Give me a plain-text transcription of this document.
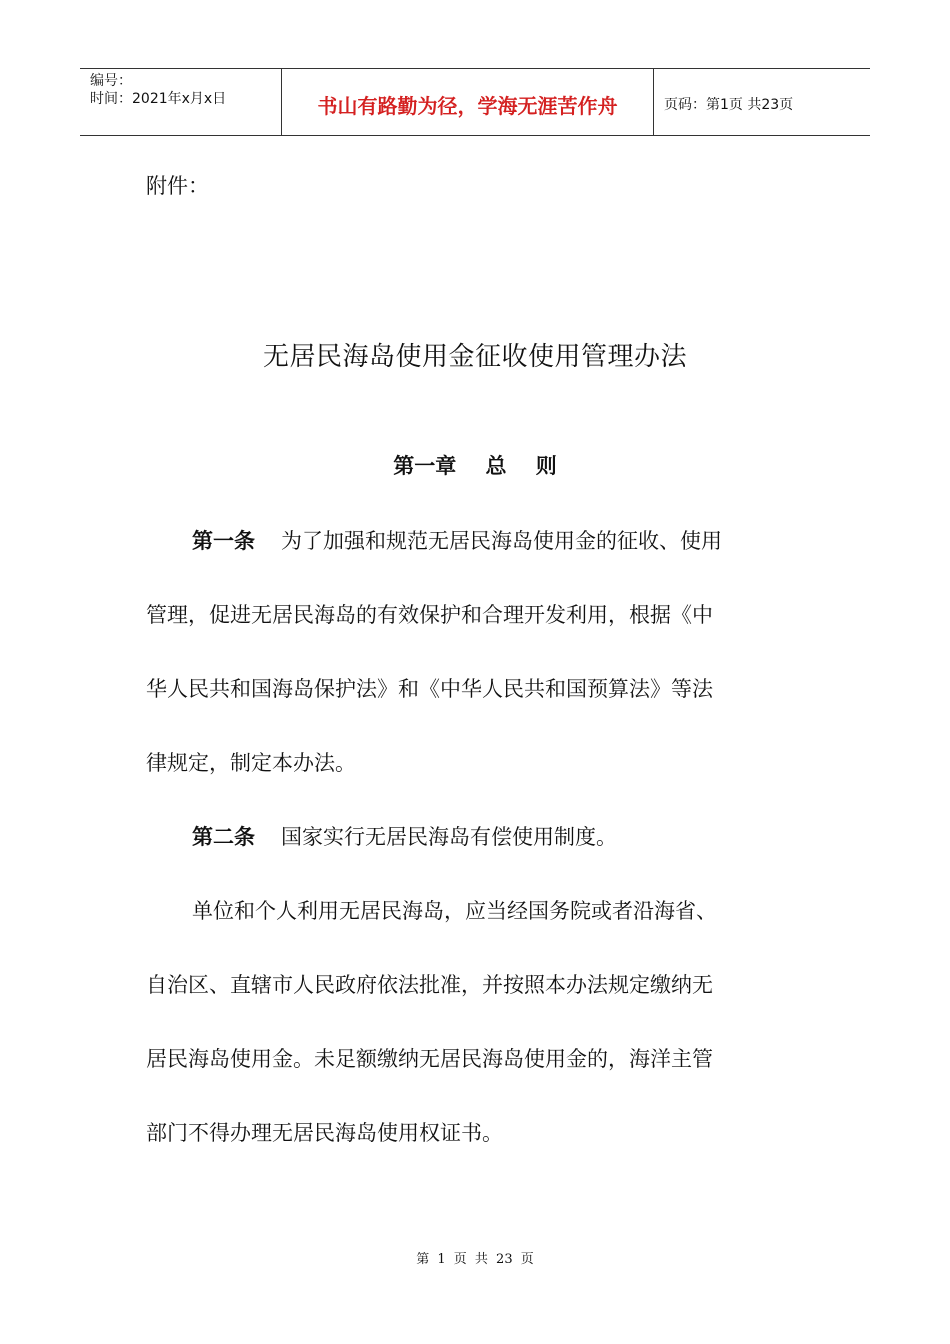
编号：
时间：2021年x月x日	书山有路勤为径，学海无涯苦作舟	页码：第1页 共23页
附件：
无居民海岛使用金征收使用管理办法
第一章    总    则
第一条 为了加强和规范无居民海岛使用金的征收、使用
管理，促进无居民海岛的有效保护和合理开发利用，根据《中
华人民共和国海岛保护法》和《中华人民共和国预算法》等法
律规定，制定本办法。
第二条 国家实行无居民海岛有偿使用制度。
单位和个人利用无居民海岛，应当经国务院或者沿海省、
自治区、直辖市人民政府依法批准，并按照本办法规定缴纳无
居民海岛使用金。未足额缴纳无居民海岛使用金的，海洋主管
部门不得办理无居民海岛使用权证书。
第 1 页 共 23 页
